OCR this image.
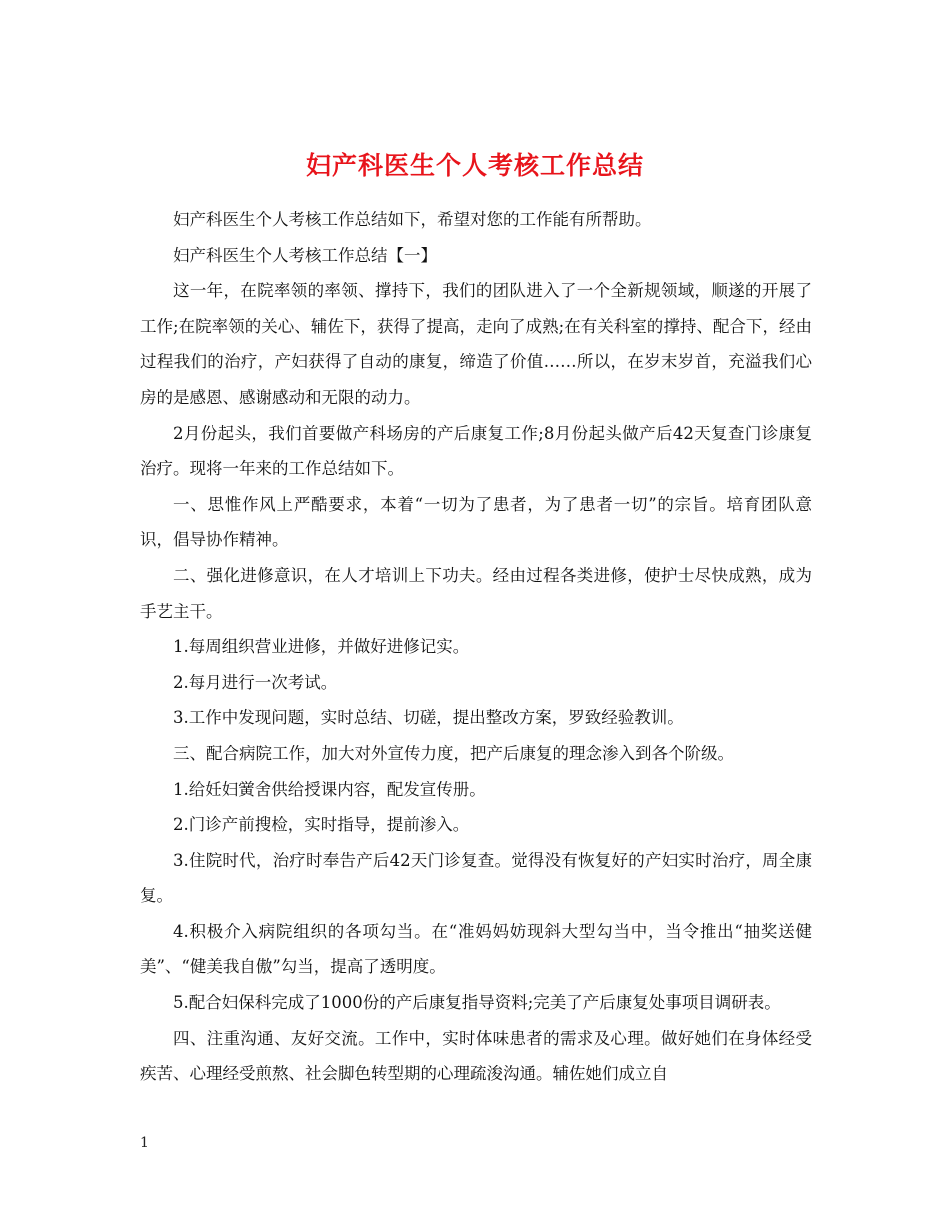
妇产科医生个人考核工作总结

妇产科医生个人考核工作总结如下，希望对您的工作能有所帮助。

妇产科医生个人考核工作总结【一】

这一年，在院率领的率领、撑持下，我们的团队进入了一个全新规领域，顺遂的开展了工作;在院率领的关心、辅佐下，获得了提高，走向了成熟;在有关科室的撑持、配合下，经由过程我们的治疗，产妇获得了自动的康复，缔造了价值……所以，在岁末岁首，充溢我们心房的是感恩、感谢感动和无限的动力。

2月份起头，我们首要做产科场房的产后康复工作;8月份起头做产后42天复查门诊康复治疗。现将一年来的工作总结如下。

一、思惟作风上严酷要求，本着“一切为了患者，为了患者一切”的宗旨。培育团队意识，倡导协作精神。

二、强化进修意识，在人才培训上下功夫。经由过程各类进修，使护士尽快成熟，成为手艺主干。

1.每周组织营业进修，并做好进修记实。

2.每月进行一次考试。

3.工作中发现问题，实时总结、切磋，提出整改方案，罗致经验教训。

三、配合病院工作，加大对外宣传力度，把产后康复的理念渗入到各个阶级。

1.给妊妇黉舍供给授课内容，配发宣传册。

2.门诊产前搜检，实时指导，提前渗入。

3.住院时代，治疗时奉告产后42天门诊复查。觉得没有恢复好的产妇实时治疗，周全康复。

4.积极介入病院组织的各项勾当。在“准妈妈妨现斜大型勾当中，当令推出“抽奖送健美”、“健美我自傲”勾当，提高了透明度。

5.配合妇保科完成了1000份的产后康复指导资料;完美了产后康复处事项目调研表。

四、注重沟通、友好交流。工作中，实时体味患者的需求及心理。做好她们在身体经受疾苦、心理经受煎熬、社会脚色转型期的心理疏浚沟通。辅佐她们成立自

1
